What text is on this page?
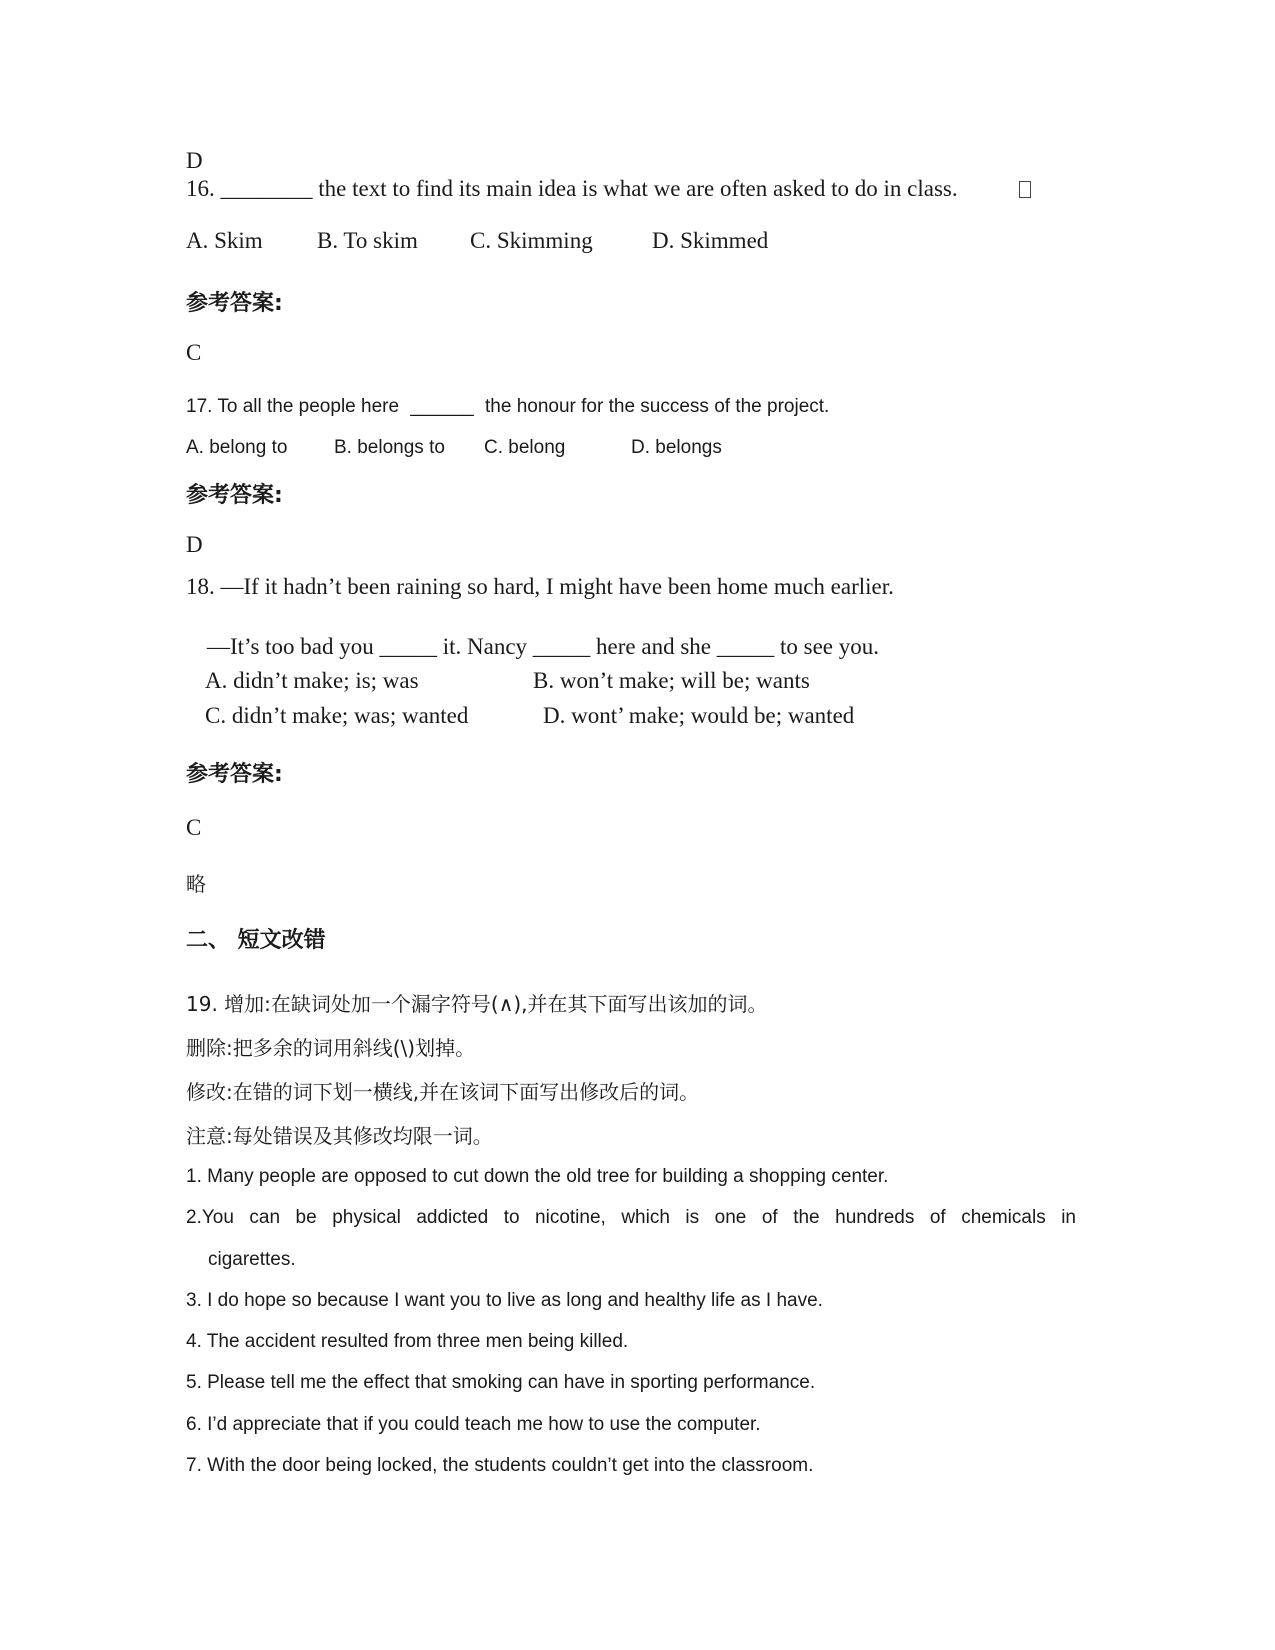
D

16. ________ the text to find its main idea is what we are often asked to do in class.

A. Skim B. To skim C. Skimming	D. Skimmed

参考答案:

C

17. To all the people here ______ the honour for the success of the project.

A. belong to B. belongs to C. belong	D. belongs

参考答案:

D

18. —If it hadn’t been raining so hard, I might have been home much earlier.

—It’s too bad you _____ it. Nancy _____ here and she _____ to see you.

A. didn’t make; is; was	B. won’t make; will be; wants

C. didn’t make; was; wanted	D. wont’ make; would be; wanted

参考答案:

C

略

二、 短文改错

19. 增加:在缺词处加一个漏字符号(∧),并在其下面写出该加的词。

删除:把多余的词用斜线(\)划掉。

修改:在错的词下划一横线,并在该词下面写出修改后的词。

注意:每处错误及其修改均限一词。

1. Many people are opposed to cut down the old tree for building a shopping center.

2.You can be physical addicted to nicotine, which is one of the hundreds of chemicals in

cigarettes.

3. I do hope so because I want you to live as long and healthy life as I have.

4. The accident resulted from three men being killed.

5. Please tell me the effect that smoking can have in sporting performance.

6. I’d appreciate that if you could teach me how to use the computer.

7. With the door being locked, the students couldn’t get into the classroom.
